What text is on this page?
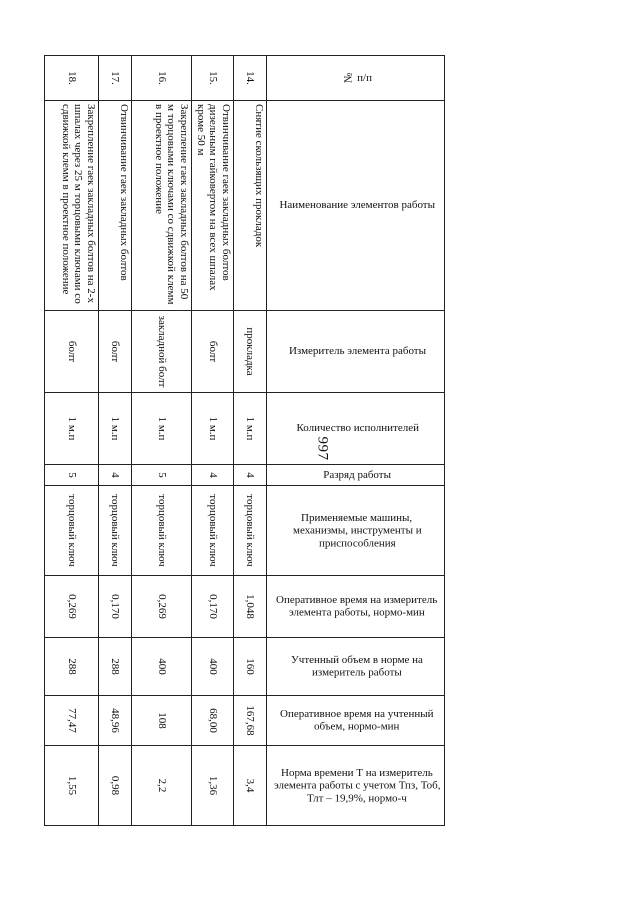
997
№ п/п	Наименование элементов работы	Измеритель элемента работы	Количество исполнителей	Разряд работы	Применяемые машины, механизмы, инструменты и приспособления	Оперативное время на измеритель элемента работы, нормо-мин	Учтенный объем в норме на измеритель работы	Оперативное время на учтенный объем, нормо-мин	Норма времени Т на измеритель элемента работы с учетом Тпз, Тоб, Тлт – 19,9%, нормо-ч
14.	Снятие скользящих прокладок	прокладка	1 м.п	4	торцовый ключ	1,048	160	167,68	3,4
15.	Отвинчивание гаек закладных болтов дизельным гайковертом на всех шпалах кроме 50 м	болт	1 м.п	4	торцовый ключ	0,170	400	68,00	1,36
16.	Закрепление гаек закладных болтов на 50 м торцовыми ключами со сдвижкой клемм в проектное положение	закладной болт	1 м.п	5	торцовый ключ	0,269	400	108	2,2
17.	Отвинчивание гаек закладных болтов	болт	1 м.п	4	торцовый ключ	0,170	288	48,96	0,98
18.	Закрепление гаек закладных болтов на 2-х шпалах через 25 м торцовыми ключами со сдвижкой клемм в проектное положение	болт	1 м.п	5	торцовый ключ	0,269	288	77,47	1,55
